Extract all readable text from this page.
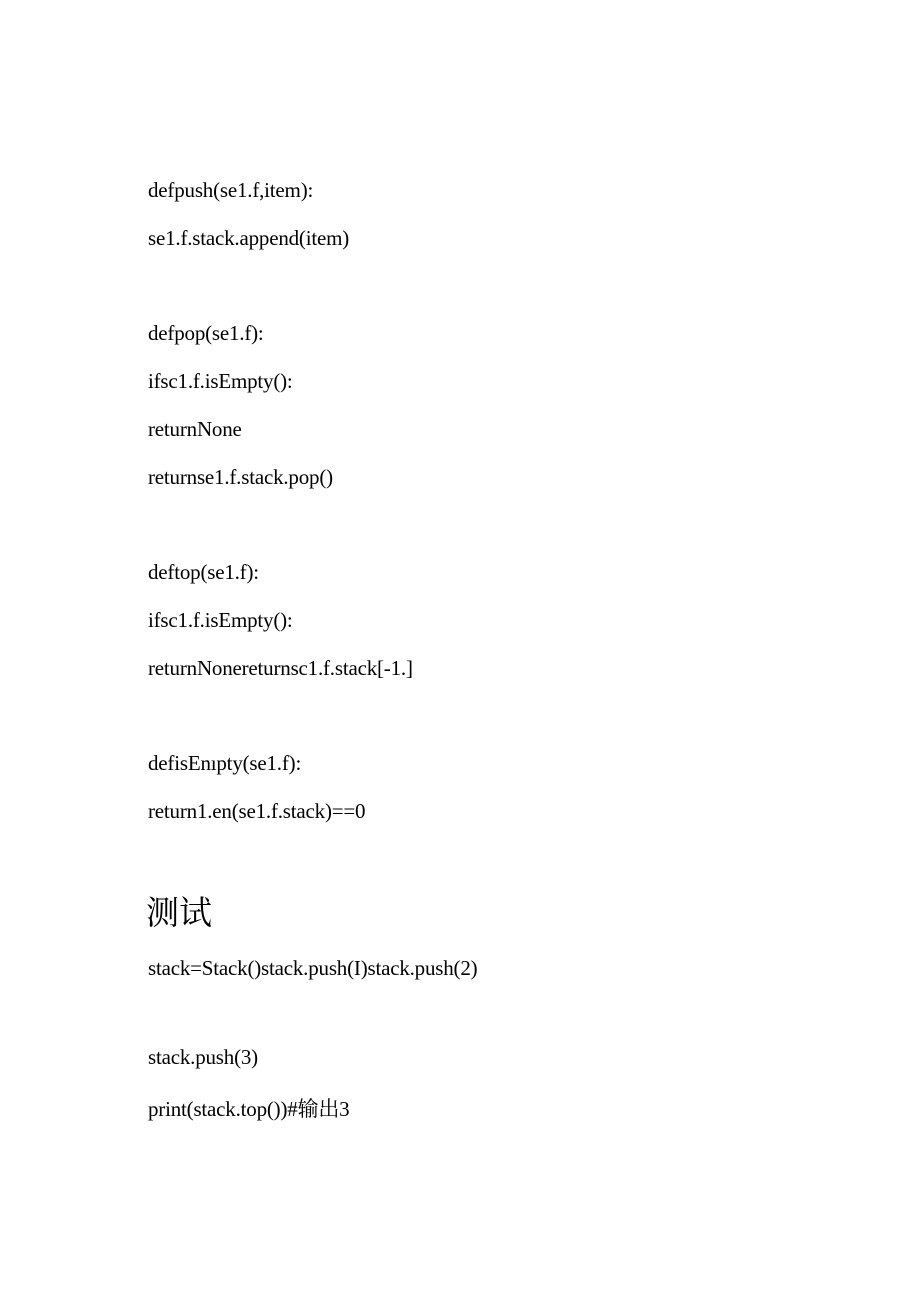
defpush(se1.f,item):
se1.f.stack.append(item)
defpop(se1.f):
ifsc1.f.isEmpty():
returnNone
returnse1.f.stack.pop()
deftop(se1.f):
ifsc1.f.isEmpty():
returnNonereturnsc1.f.stack[-1.]
defisEnıpty(se1.f):
return1.en(se1.f.stack)==0
测试
stack=Stack()stack.push(I)stack.push(2)
stack.push(3)
print(stack.top())#输出3
